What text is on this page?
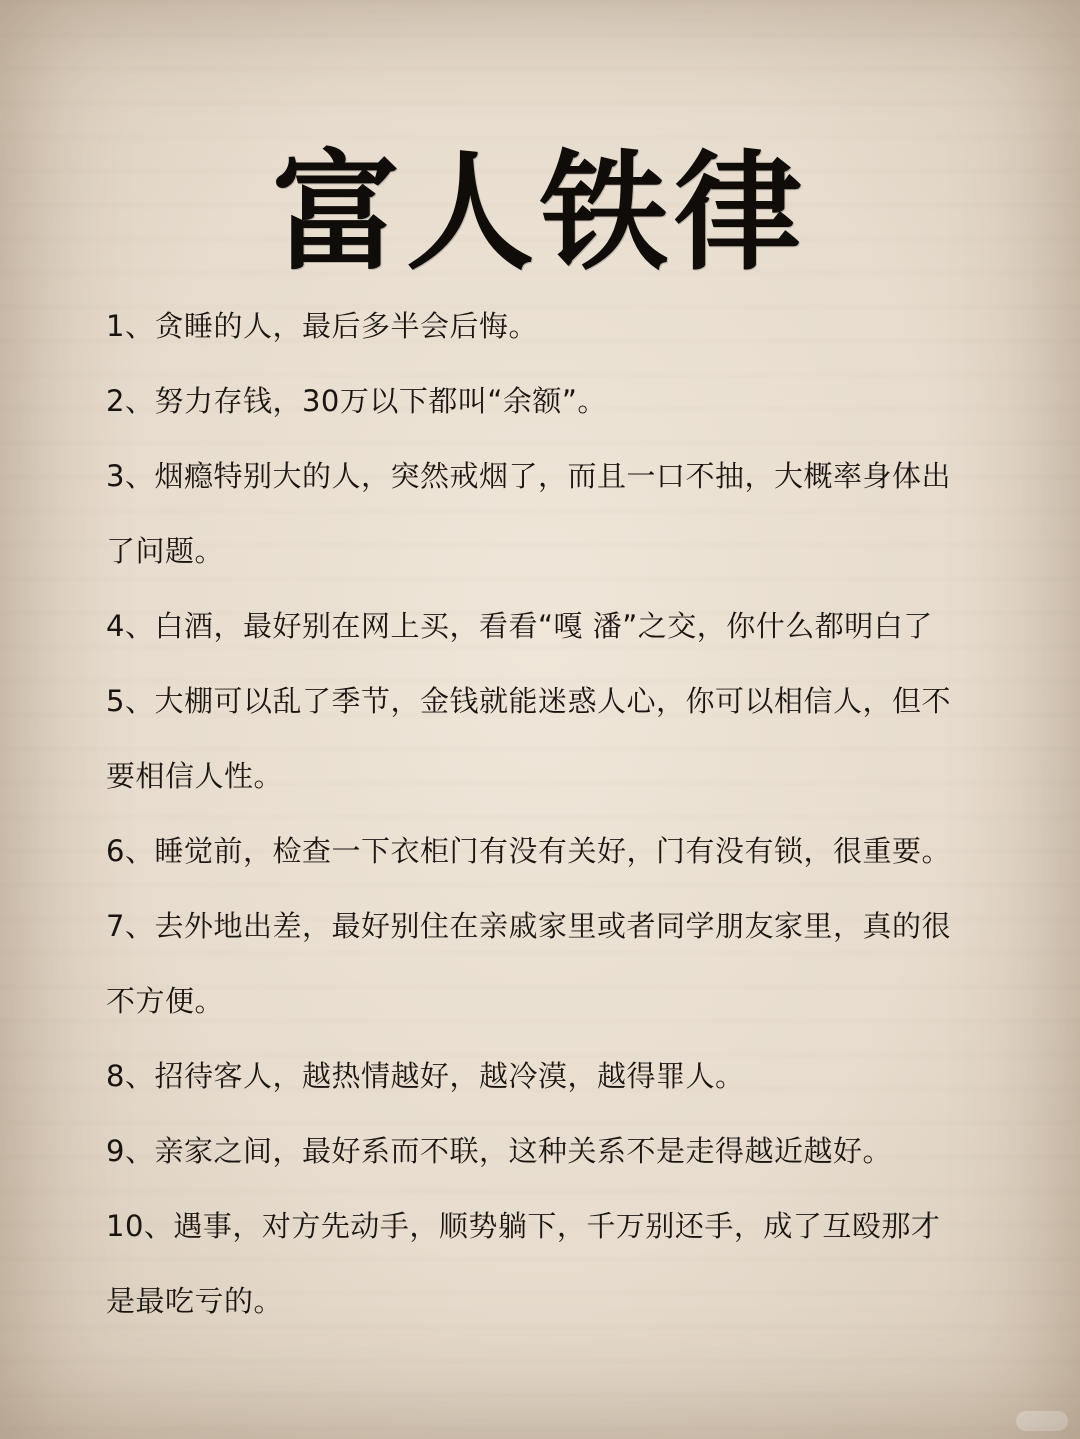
富人铁律
1、贪睡的人，最后多半会后悔。
2、努力存钱，30万以下都叫“余额”。
3、烟瘾特别大的人，突然戒烟了，而且一口不抽，大概率身体出
了问题。
4、白酒，最好别在网上买，看看“嘎 潘”之交，你什么都明白了
5、大棚可以乱了季节，金钱就能迷惑人心，你可以相信人，但不
要相信人性。
6、睡觉前，检查一下衣柜门有没有关好，门有没有锁，很重要。
7、去外地出差，最好别住在亲戚家里或者同学朋友家里，真的很
不方便。
8、招待客人，越热情越好，越冷漠，越得罪人。
9、亲家之间，最好系而不联，这种关系不是走得越近越好。
10、遇事，对方先动手，顺势躺下，千万别还手，成了互殴那才
是最吃亏的。
